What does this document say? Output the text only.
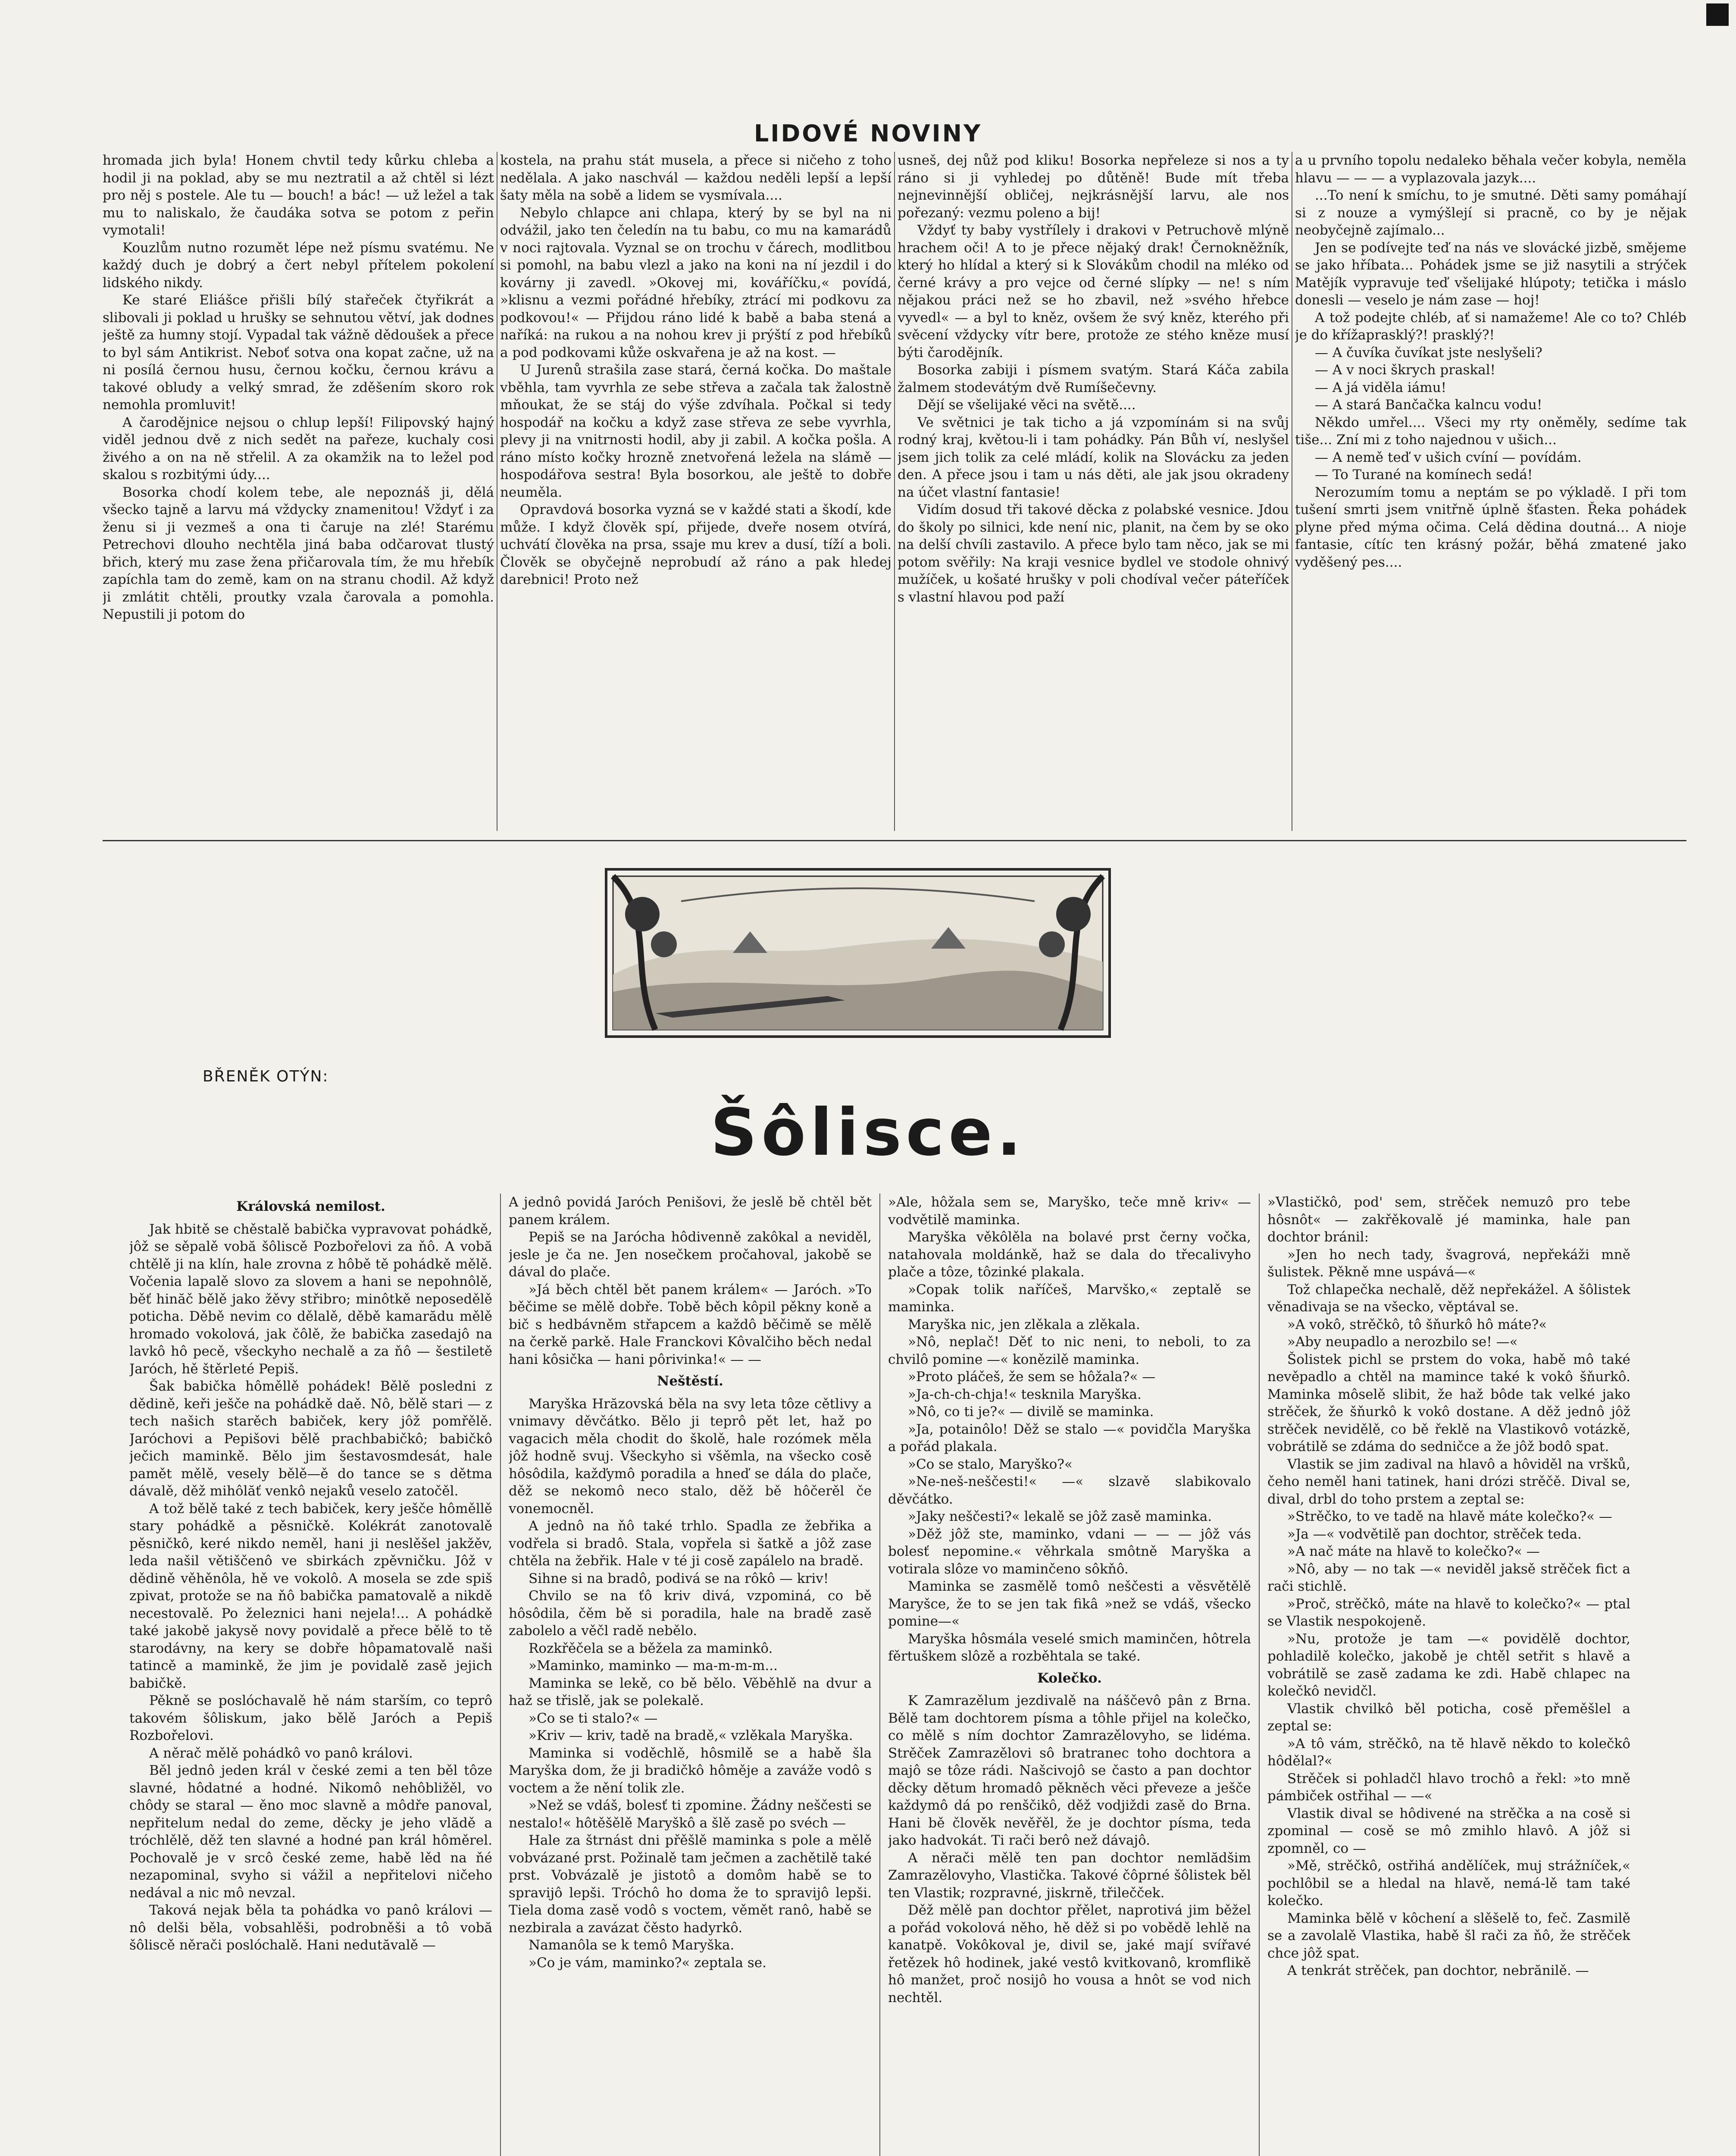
LIDOVÉ NOVINY

hromada jich byla! Honem chvtil tedy kůrku chleba a hodil ji na poklad, aby se mu neztratil a až chtěl si lézt pro něj s postele. Ale tu — bouch! a bác! — už ležel a tak mu to naliskalo, že čaudáka sotva se potom z peřin vymotali!

Kouzlům nutno rozumět lépe než písmu svatému. Ne každý duch je dobrý a čert nebyl přítelem pokolení lidského nikdy.

Ke staré Eliášce přišli bílý stařeček čtyřikrát a slibovali ji poklad u hrušky se sehnutou větví, jak dodnes ještě za humny stojí. Vypadal tak vážně dědoušek a přece to byl sám Antikrist. Neboť sotva ona kopat začne, už na ni posílá černou husu, černou kočku, černou krávu a takové obludy a velký smrad, že zděšením skoro rok nemohla promluvit!

A čarodějnice nejsou o chlup lepší! Filipovský hajný viděl jednou dvě z nich sedět na pařeze, kuchaly cosi živého a on na ně střelil. A za okamžik na to ležel pod skalou s rozbitými údy....

Bosorka chodí kolem tebe, ale nepoznáš ji, dělá všecko tajně a larvu má vždycky znamenitou! Vždyť i za ženu si ji vezmeš a ona ti čaruje na zlé! Starému Petrechovi dlouho nechtěla jiná baba odčarovat tlustý břich, který mu zase žena přičarovala tím, že mu hřebík zapíchla tam do země, kam on na stranu chodil. Až když ji zmlátit chtěli, proutky vzala čarovala a pomohla. Nepustili ji potom do

kostela, na prahu stát musela, a přece si ničeho z toho nedělala. A jako naschvál — každou neděli lepší a lepší šaty měla na sobě a lidem se vysmívala....

Nebylo chlapce ani chlapa, který by se byl na ni odvážil, jako ten čeledín na tu babu, co mu na kamarádů v noci rajtovala. Vyznal se on trochu v čárech, modlitbou si pomohl, na babu vlezl a jako na koni na ní jezdil i do kovárny ji zavedl. »Okovej mi, kováříčku,« povídá, »klisnu a vezmi pořádné hřebíky, ztrácí mi podkovu za podkovou!« — Přijdou ráno lidé k babě a baba stená a naříká: na rukou a na nohou krev ji prýští z pod hřebíků a pod podkovami kůže oskvařena je až na kost. —

U Jurenů strašila zase stará, černá kočka. Do maštale vběhla, tam vyvrhla ze sebe střeva a začala tak žalostně mňoukat, že se stáj do výše zdvíhala. Počkal si tedy hospodář na kočku a když zase střeva ze sebe vyvrhla, plevy ji na vnitrnosti hodil, aby ji zabil. A kočka pošla. A ráno místo kočky hrozně znetvořená ležela na slámě — hospodářova sestra! Byla bosorkou, ale ještě to dobře neuměla.

Opravdová bosorka vyzná se v každé stati a škodí, kde může. I když člověk spí, přijede, dveře nosem otvírá, uchvátí člověka na prsa, ssaje mu krev a dusí, tíží a boli. Člověk se obyčejně neprobudí až ráno a pak hledej darebnici! Proto než

usneš, dej nůž pod kliku! Bosorka nepřeleze si nos a ty ráno si ji vyhledej po důtěně! Bude mít třeba nejnevinnější obličej, nejkrásnější larvu, ale nos pořezaný: vezmu poleno a bij!

Vždyť ty baby vystřílely i drakovi v Petruchově mlýně hrachem oči! A to je přece nějaký drak! Černokněžník, který ho hlídal a který si k Slovákům chodil na mléko od černé krávy a pro vejce od černé slípky — ne! s ním nějakou práci než se ho zbavil, než »svého hřebce vyvedl« — a byl to kněz, ovšem že svý kněz, kterého při svěcení vždycky vítr bere, protože ze stého kněze musí býti čarodějník.

Bosorka zabiji i písmem svatým. Stará Káča zabila žalmem stodevátým dvě Rumíšečevny.

Dějí se všelijaké věci na světě....

Ve světnici je tak ticho a já vzpomínám si na svůj rodný kraj, květou-li i tam pohádky. Pán Bůh ví, neslyšel jsem jich tolik za celé mládí, kolik na Slovácku za jeden den. A přece jsou i tam u nás děti, ale jak jsou okradeny na účet vlastní fantasie!

Vidím dosud tři takové děcka z polabské vesnice. Jdou do školy po silnici, kde není nic, planit, na čem by se oko na delší chvíli zastavilo. A přece bylo tam něco, jak se mi potom svěřily: Na kraji vesnice bydlel ve stodole ohnivý mužíček, u košaté hrušky v poli chodíval večer páteříček s vlastní hlavou pod paží

a u prvního topolu nedaleko běhala večer kobyla, neměla hlavu — — — a vyplazovala jazyk....

...To není k smíchu, to je smutné. Děti samy pomáhají si z nouze a vymýšlejí si pracně, co by je nějak neobyčejně zajímalo...

Jen se podívejte teď na nás ve slovácké jizbě, smějeme se jako hříbata... Pohádek jsme se již nasytili a strýček Matějík vypravuje teď všelijaké hlúpoty; tetička i máslo donesli — veselo je nám zase — hoj!

A tož podejte chléb, ať si namažeme! Ale co to? Chléb je do křížaprasklý?! prasklý?!

— A čuvíka čuvíkat jste neslyšeli?

— A v noci škrych praskal!

— A já viděla iámu!

— A stará Bančačka kalncu vodu!

Někdo umřel.... Všeci my rty oněměly, sedíme tak tiše... Zní mi z toho najednou v ušich...

— A nemě teď v ušich cvíní — povídám.

— To Turané na komínech sedá!

Nerozumím tomu a neptám se po výkladě. I při tom tušení smrti jsem vnitřně úplně šťasten. Řeka pohádek plyne před mýma očima. Celá dědina doutná... A nioje fantasie, cítíc ten krásný požár, běhá zmatené jako vyděšený pes....

BŘENĚK OTÝN:
Šôlisce.
Královská nemilost.

Jak hbitě se chěstalě babička vypravovat pohádkě, jôž se sěpalě vobă šôliscě Pozbořelovi za ňô. A vobă chtělě ji na klín, hale zrovna z hôbě tě pohádkě mělě. Vočenia lapalě slovo za slovem a hani se nepohnôlě, běť hinăč bělě jako žěvy střibro; minôtkě neposedělě poticha. Děbě nevim co dělalě, děbě kamarădu mělě hromado vokolová, jak čôlě, že babička zasedajô na lavkô hô pecě, všeckyho nechalě a za ňô — šestiletě Jaróch, hě štěrleté Pepiš.

Šak babička hôměllě pohádek! Bělě posledni z dědině, keři ješče na pohádkě daě. Nô, bělě stari — z tech našich starěch babiček, kery jôž pomřělě. Jaróchovi a Pepišovi bělě prachbabičkô; babičkô ječich maminkě. Bělo jim šestavosmdesát, hale pamět mělě, vesely bělě—ě do tance se s dětma dávalě, děž mihôlăť venkô nejaků veselo zatočěl.

A tož bělě také z tech babiček, kery ješče hôměllě stary pohádkě a pěsničkě. Kolékrát zanotovalě pěsničkô, keré nikdo neměl, hani ji neslěšel jakžěv, leda našil větiščenô ve sbirkách zpěvničku. Jôž v dědině věhěnôla, hě ve vokolô. A mosela se zde spiš zpivat, protože se na ňô babička pamatovalě a nikdě necestovalě. Po železnici hani nejela!... A pohádkě také jakobě jakysě novy povidalě a přece bělě to tě starodávny, na kery se dobře hôpamatovalě naši tatincě a maminkě, že jim je povidalě zasě jejich babičkě.

Pěkně se poslóchavalě hě nám starším, co teprô takovém šôliskum, jako bělě Jaróch a Pepiš Rozbořelovi.

A něrač mělě pohádkô vo panô královi.

Běl jednô jeden král v české zemi a ten běl tôze slavné, hôdatné a hodné. Nikomô nehôbližěl, vo chôdy se staral — ěno moc slavně a môdře panoval, nepřitelum nedal do zeme, děcky je jeho vlădě a tróchlělě, děž ten slavné a hodné pan král hôměrel. Pochovalě je v srcô české zeme, habě lěd na ňé nezapominal, svyho si vážil a nepřitelovi ničeho nedával a nic mô nevzal.

Taková nejak běla ta pohádka vo panô královi — nô delši běla, vobsahlěši, podrobněši a tô vobă šôliscě něrači poslóchalě. Hani nedutăvalě —

A jednô povidá Jaróch Penišovi, že jeslě bě chtěl bět panem králem.

Pepiš se na Jarócha hôdivenně zakôkal a neviděl, jesle je ča ne. Jen nosečkem pročahoval, jakobě se dával do plače.

»Já běch chtěl bět panem králem« — Jaróch. »To běčime se mělě dobře. Tobě běch kôpil pěkny koně a bič s hedbávněm střapcem a každô běčimě se mělě na čerkě parkě. Hale Franckovi Kôvalčiho běch nedal hani kôsička — hani pôrivinka!« — —

Neštěstí.

Maryška Hrăzovská běla na svy leta tôze cětlivy a vnimavy děvčátko. Bělo ji teprô pět let, haž po vagacich měla chodit do školě, hale rozómek měla jôž hodně svuj. Všeckyho si všěmla, na všecko cosě hôsôdila, kažďymô poradila a hneď se dála do plače, děž se nekomô neco stalo, děž bě hôčerěl če vonemocněl.

A jednô na ňô také trhlo. Spadla ze žebřika a vodřela si bradô. Stala, vopřela si šatkě a jôž zase chtěla na žebřik. Hale v té ji cosě zapálelo na bradě.

Sihne si na bradô, podivá se na rôkô — kriv!

Chvilo se na ťô kriv divá, vzpominá, co bě hôsôdila, čěm bě si poradila, hale na bradě zasě zabolelo a věčl radě nebělo.

Rozkřěčela se a běžela za maminkô.

»Maminko, maminko — ma-m-m-m...

Maminka se lekě, co bě bělo. Věběhlě na dvur a haž se třislě, jak se polekalě.

»Co se ti stalo?« —

»Kriv — kriv, tadě na bradě,« vzlěkala Maryška.

Maminka si voděchlě, hôsmilě se a habě šla Maryška dom, že ji bradičkô hôměje a zaváže vodô s voctem a že nění tolik zle.

»Než se vdáš, bolesť ti zpomine. Žádny neščesti se nestalo!« hôtěšělě Maryškô a šlě zasě po svéch —

Hale za štrnást dni přěšlě maminka s pole a mělě vobvázané prst. Požinalě tam ječmen a zachětilě také prst. Vobvázalě je jistotô a domôm habě se to spravijô lepši. Tróchô ho doma že to spravijô lepši. Tiela doma zasě vodô s voctem, věmět ranô, habě se nezbirala a zavázat čěsto hadyrkô.

Namanôla se k temô Maryška.

»Co je vám, maminko?« zeptala se.

»Ale, hôžala sem se, Maryško, teče mně kriv« — vodvětilě maminka.

Maryška věkôlěla na bolavé prst černy vočka, natahovala moldánkě, haž se dala do třecalivyho plače a tôze, tôzinké plakala.

»Copak tolik naříčeš, Marvško,« zeptalě se maminka.

Maryška nic, jen zlěkala a zlěkala.

»Nô, neplač! Děť to nic neni, to neboli, to za chvilô pomine —« konězilě maminka.

»Proto pláčeš, že sem se hôžala?« —

»Ja-ch-ch-chja!« tesknila Maryška.

»Nô, co ti je?« — divilě se maminka.

»Ja, potainôlo! Děž se stalo —« povidčla Maryška a pořád plakala.

»Co se stalo, Maryško?«

»Ne-neš-neščesti!« —« slzavě slabikovalo děvčátko.

»Jaky neščesti?« lekalě se jôž zasě maminka.

»Děž jôž ste, maminko, vdani — — — jôž vás bolesť nepomine.« věhrkala smôtně Maryška a votirala slôze vo maminčeno sôkňô.

Maminka se zasmělě tomô neščesti a věsvětělě Maryšce, že to se jen tak fikâ »než se vdáš, všecko pomine—«

Maryška hôsmála veselé smich maminčen, hôtrela fěrtuškem slôzě a rozběhtala se také.

Kolečko.

K Zamrazělum jezdivalě na náščevô pân z Brna. Bělě tam dochtorem písma a tôhle přijel na kolečko, co mělě s ním dochtor Zamrazělovyho, se lidéma. Strěček Zamrazělovi sô bratranec toho dochtora a majô se tôze rádi. Našcivojô se často a pan dochtor děcky dětum hromadô pěkněch věci převeze a ješče každymô dá po renščikô, děž vodjiždi zasě do Brna. Hani bě člověk nevěřěl, že je dochtor písma, teda jako hadvokát. Ti rači berô než dávajô.

A něrači mělě ten pan dochtor nemlădšim Zamrazělovyho, Vlastička. Takové čôprné šôlistek běl ten Vlastik; rozpravné, jiskrně, třilečček.

Děž mělě pan dochtor přělet, naprotivá jim běžel a pořád vokolová něho, hě děž si po vobědě lehlě na kanatpě. Vokôkoval je, divil se, jaké mají svířavé řetězek hô hodinek, jaké vestô kvitkovanô, kromflikě hô manžet, proč nosijô ho vousa a hnôt se vod nich nechtěl.

»Vlastičkô, pod' sem, strěček nemuzô pro tebe hôsnôt« — zakřěkovalě jé maminka, hale pan dochtor bránil:

»Jen ho nech tady, švagrová, nepřekáži mně šulistek. Pěkně mne uspává—«

Tož chlapečka nechalě, děž nepřekážel. A šôlistek věnadivaja se na všecko, věptával se.

»A vokô, strěčkô, tô šňurkô hô máte?«

»Aby neupadlo a nerozbilo se! —«

Šolistek pichl se prstem do voka, habě mô také nevěpadlo a chtěl na mamince také k vokô šňurkô. Maminka môselě slibit, že haž bôde tak velké jako strěček, že šňurkô k vokô dostane. A děž jednô jôž strěček nevidělě, co bě řeklě na Vlastikovô votázkě, vobrátilě se zdáma do sedničce a že jôž bodô spat.

Vlastik se jim zadival na hlavô a hôviděl na vršků, čeho neměl hani tatinek, hani drózi strěčě. Dival se, dival, drbl do toho prstem a zeptal se:

»Strěčko, to ve tadě na hlavě máte kolečko?« —

»Ja —« vodvětilě pan dochtor, strěček teda.

»A nač máte na hlavě to kolečko?« —

»Nô, aby — no tak —« neviděl jaksě strěček fict a rači stichlě.

»Proč, strěčkô, máte na hlavě to kolečko?« — ptal se Vlastik nespokojeně.

»Nu, protože je tam —« povidělě dochtor, pohladilě kolečko, jakobě je chtěl setřit s hlavě a vobrátilě se zasě zadama ke zdi. Habě chlapec na kolečkô nevidčl.

Vlastik chvilkô běl poticha, cosě přeměšlel a zeptal se:

»A tô vám, strěčkô, na tě hlavě někdo to kolečkô hôdělal?«

Strěček si pohladčl hlavo trochô a řekl: »to mně pámbiček ostřihal — —«

Vlastik dival se hôdivené na strěčka a na cosě si zpominal — cosě se mô zmihlo hlavô. A jôž si zpomněl, co —

»Mě, strěčkô, ostřihá andělíček, muj strážníček,« pochlôbil se a hledal na hlavě, nemá-lě tam také kolečko.

Maminka bělě v kôchení a slěšelě to, feč. Zasmilě se a zavolalě Vlastika, habě šl rači za ňô, že strěček chce jôž spat.

A tenkrát strěček, pan dochtor, nebrănilě. —
